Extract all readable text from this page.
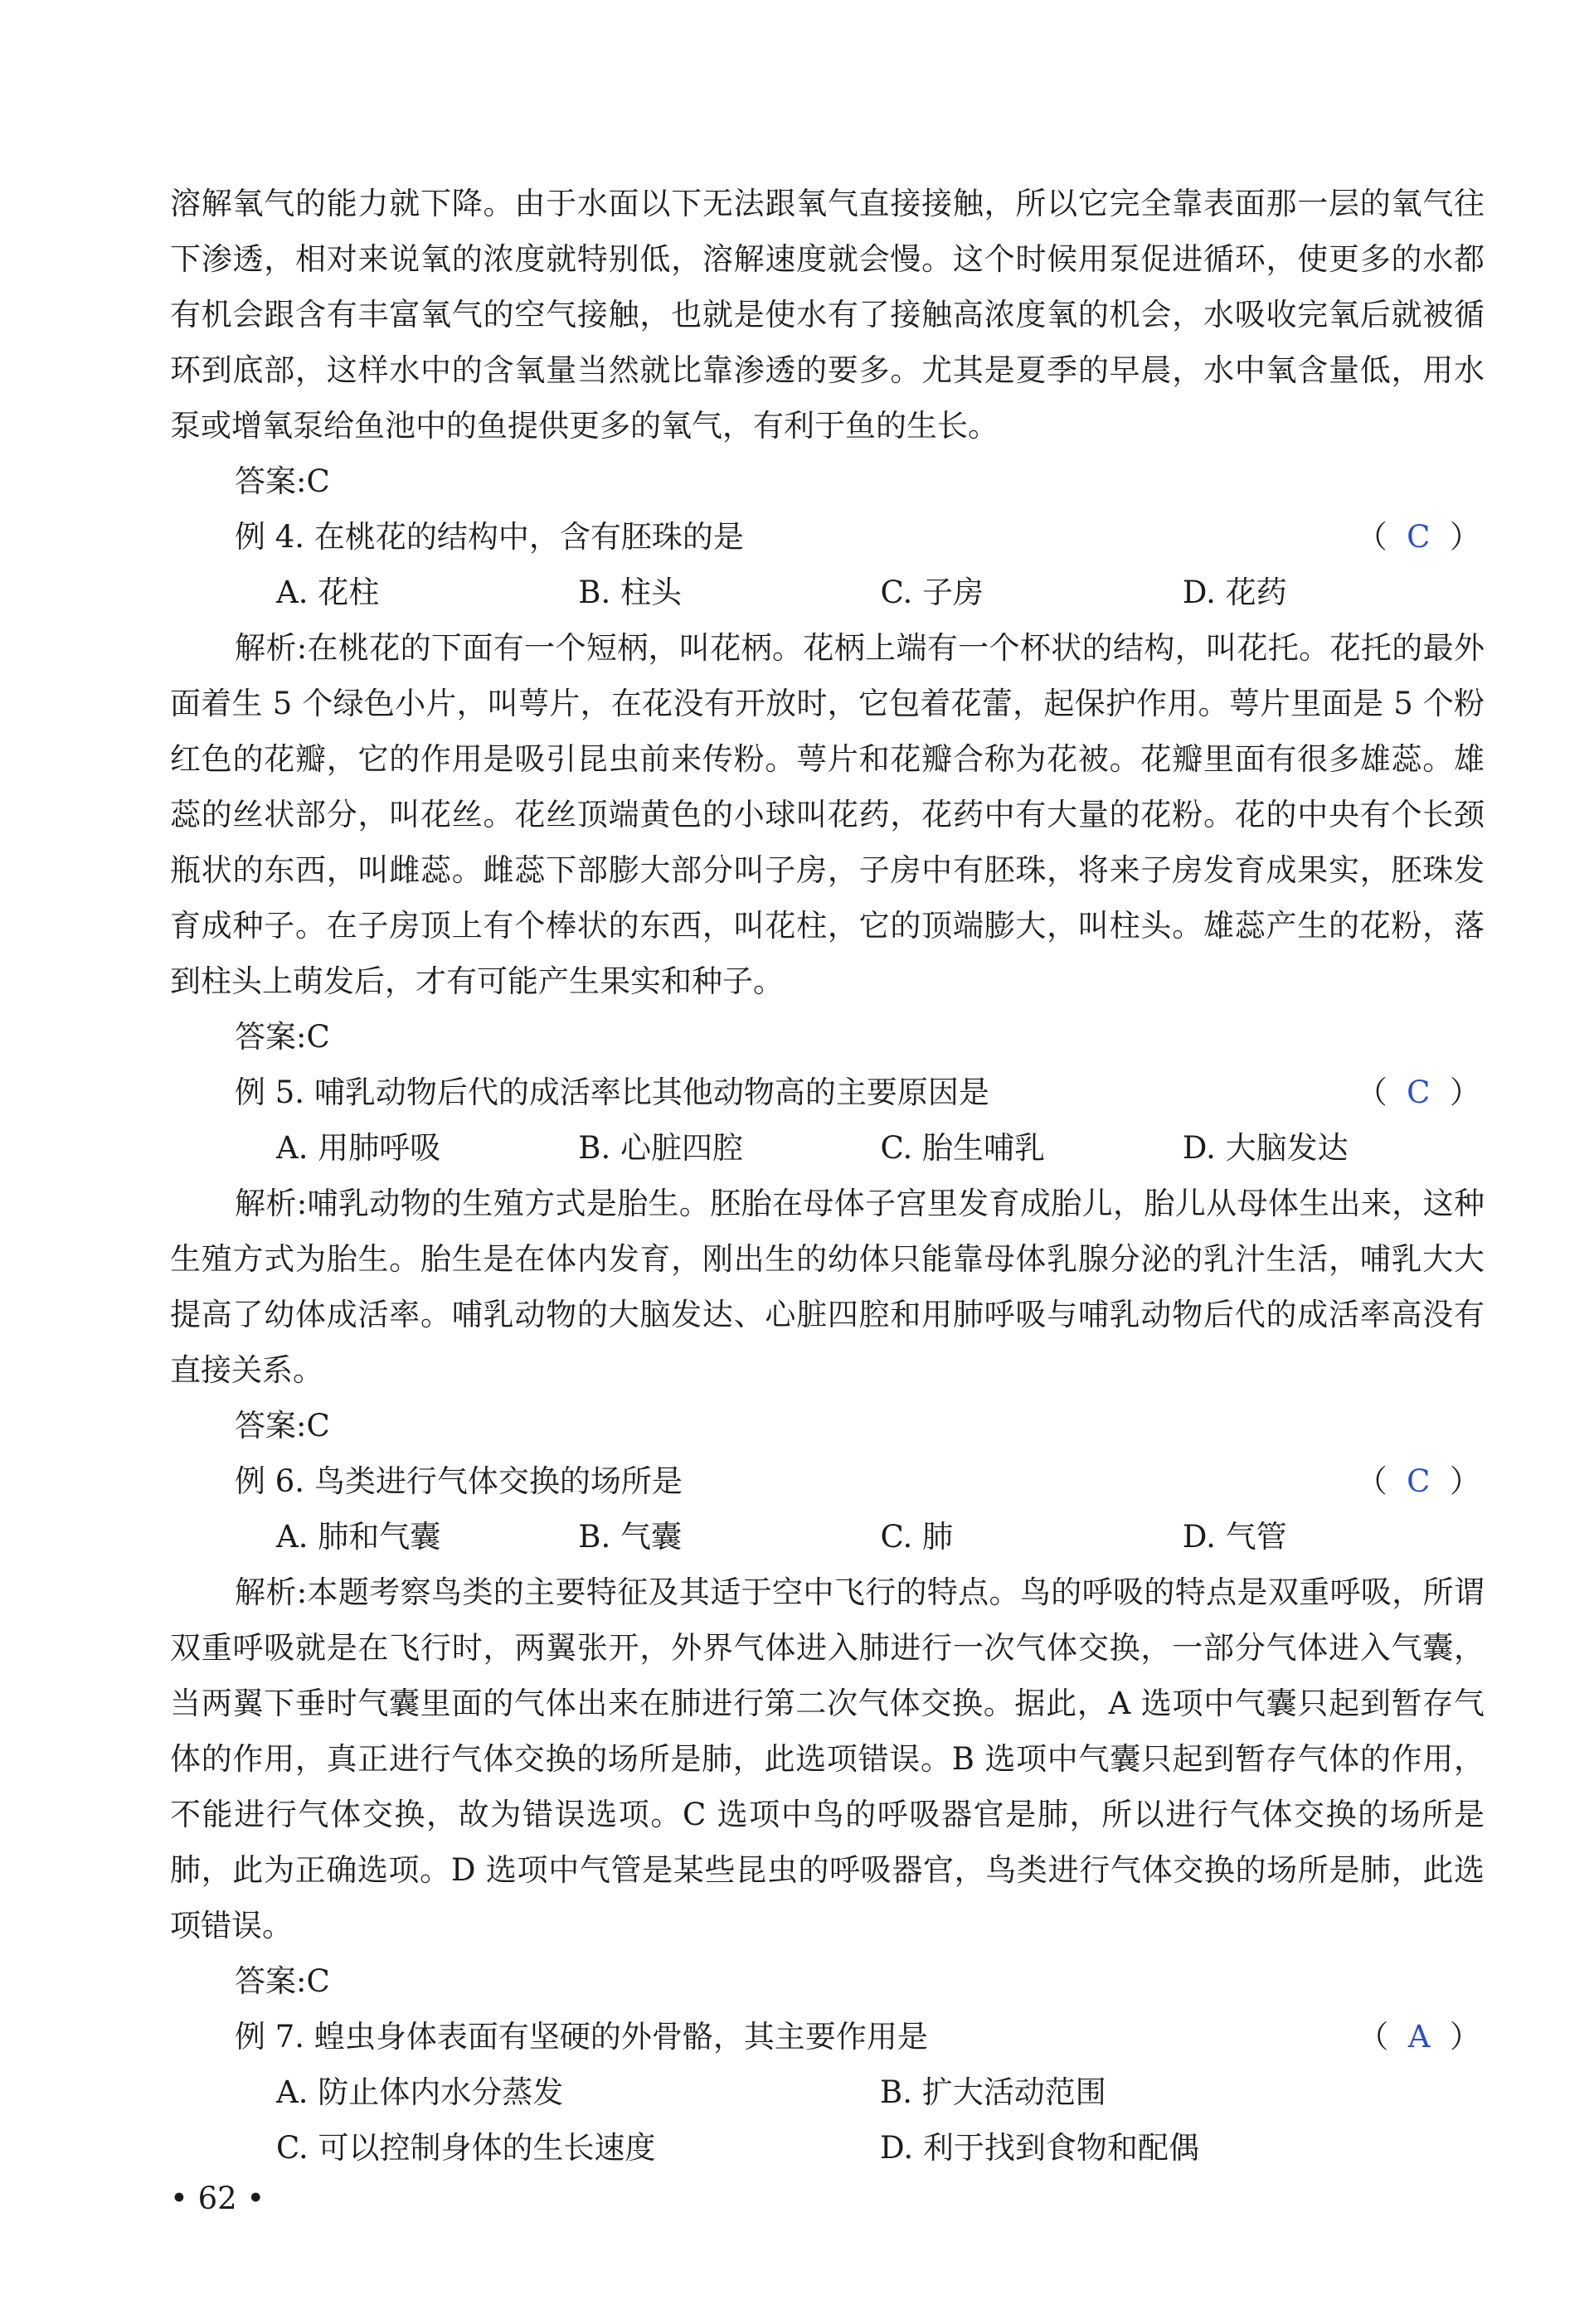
溶解氧气的能力就下降。由于水面以下无法跟氧气直接接触，所以它完全靠表面那一层的氧气往下渗透，相对来说氧的浓度就特别低，溶解速度就会慢。这个时候用泵促进循环，使更多的水都有机会跟含有丰富氧气的空气接触，也就是使水有了接触高浓度氧的机会，水吸收完氧后就被循环到底部，这样水中的含氧量当然就比靠渗透的要多。尤其是夏季的早晨，水中氧含量低，用水泵或增氧泵给鱼池中的鱼提供更多的氧气，有利于鱼的生长。

答案:C

例 4. 在桃花的结构中，含有胚珠的是	（ C ）

A. 花柱	B. 柱头	C. 子房	D. 花药

解析:在桃花的下面有一个短柄，叫花柄。花柄上端有一个杯状的结构，叫花托。花托的最外面着生 5 个绿色小片，叫萼片，在花没有开放时，它包着花蕾，起保护作用。萼片里面是 5 个粉红色的花瓣，它的作用是吸引昆虫前来传粉。萼片和花瓣合称为花被。花瓣里面有很多雄蕊。雄蕊的丝状部分，叫花丝。花丝顶端黄色的小球叫花药，花药中有大量的花粉。花的中央有个长颈瓶状的东西，叫雌蕊。雌蕊下部膨大部分叫子房，子房中有胚珠，将来子房发育成果实，胚珠发育成种子。在子房顶上有个棒状的东西，叫花柱，它的顶端膨大，叫柱头。雄蕊产生的花粉，落到柱头上萌发后，才有可能产生果实和种子。

答案:C

例 5. 哺乳动物后代的成活率比其他动物高的主要原因是	（ C ）

A. 用肺呼吸	B. 心脏四腔	C. 胎生哺乳	D. 大脑发达

解析:哺乳动物的生殖方式是胎生。胚胎在母体子宫里发育成胎儿，胎儿从母体生出来，这种生殖方式为胎生。胎生是在体内发育，刚出生的幼体只能靠母体乳腺分泌的乳汁生活，哺乳大大提高了幼体成活率。哺乳动物的大脑发达、心脏四腔和用肺呼吸与哺乳动物后代的成活率高没有直接关系。

答案:C

例 6. 鸟类进行气体交换的场所是	（ C ）

A. 肺和气囊	B. 气囊	C. 肺	D. 气管

解析:本题考察鸟类的主要特征及其适于空中飞行的特点。鸟的呼吸的特点是双重呼吸，所谓双重呼吸就是在飞行时，两翼张开，外界气体进入肺进行一次气体交换，一部分气体进入气囊，当两翼下垂时气囊里面的气体出来在肺进行第二次气体交换。据此，A 选项中气囊只起到暂存气体的作用，真正进行气体交换的场所是肺，此选项错误。B 选项中气囊只起到暂存气体的作用，不能进行气体交换，故为错误选项。C 选项中鸟的呼吸器官是肺，所以进行气体交换的场所是肺，此为正确选项。D 选项中气管是某些昆虫的呼吸器官，鸟类进行气体交换的场所是肺，此选项错误。

答案:C

例 7. 蝗虫身体表面有坚硬的外骨骼，其主要作用是	（ A ）

A. 防止体内水分蒸发	B. 扩大活动范围
C. 可以控制身体的生长速度	D. 利于找到食物和配偶
• 62 •
